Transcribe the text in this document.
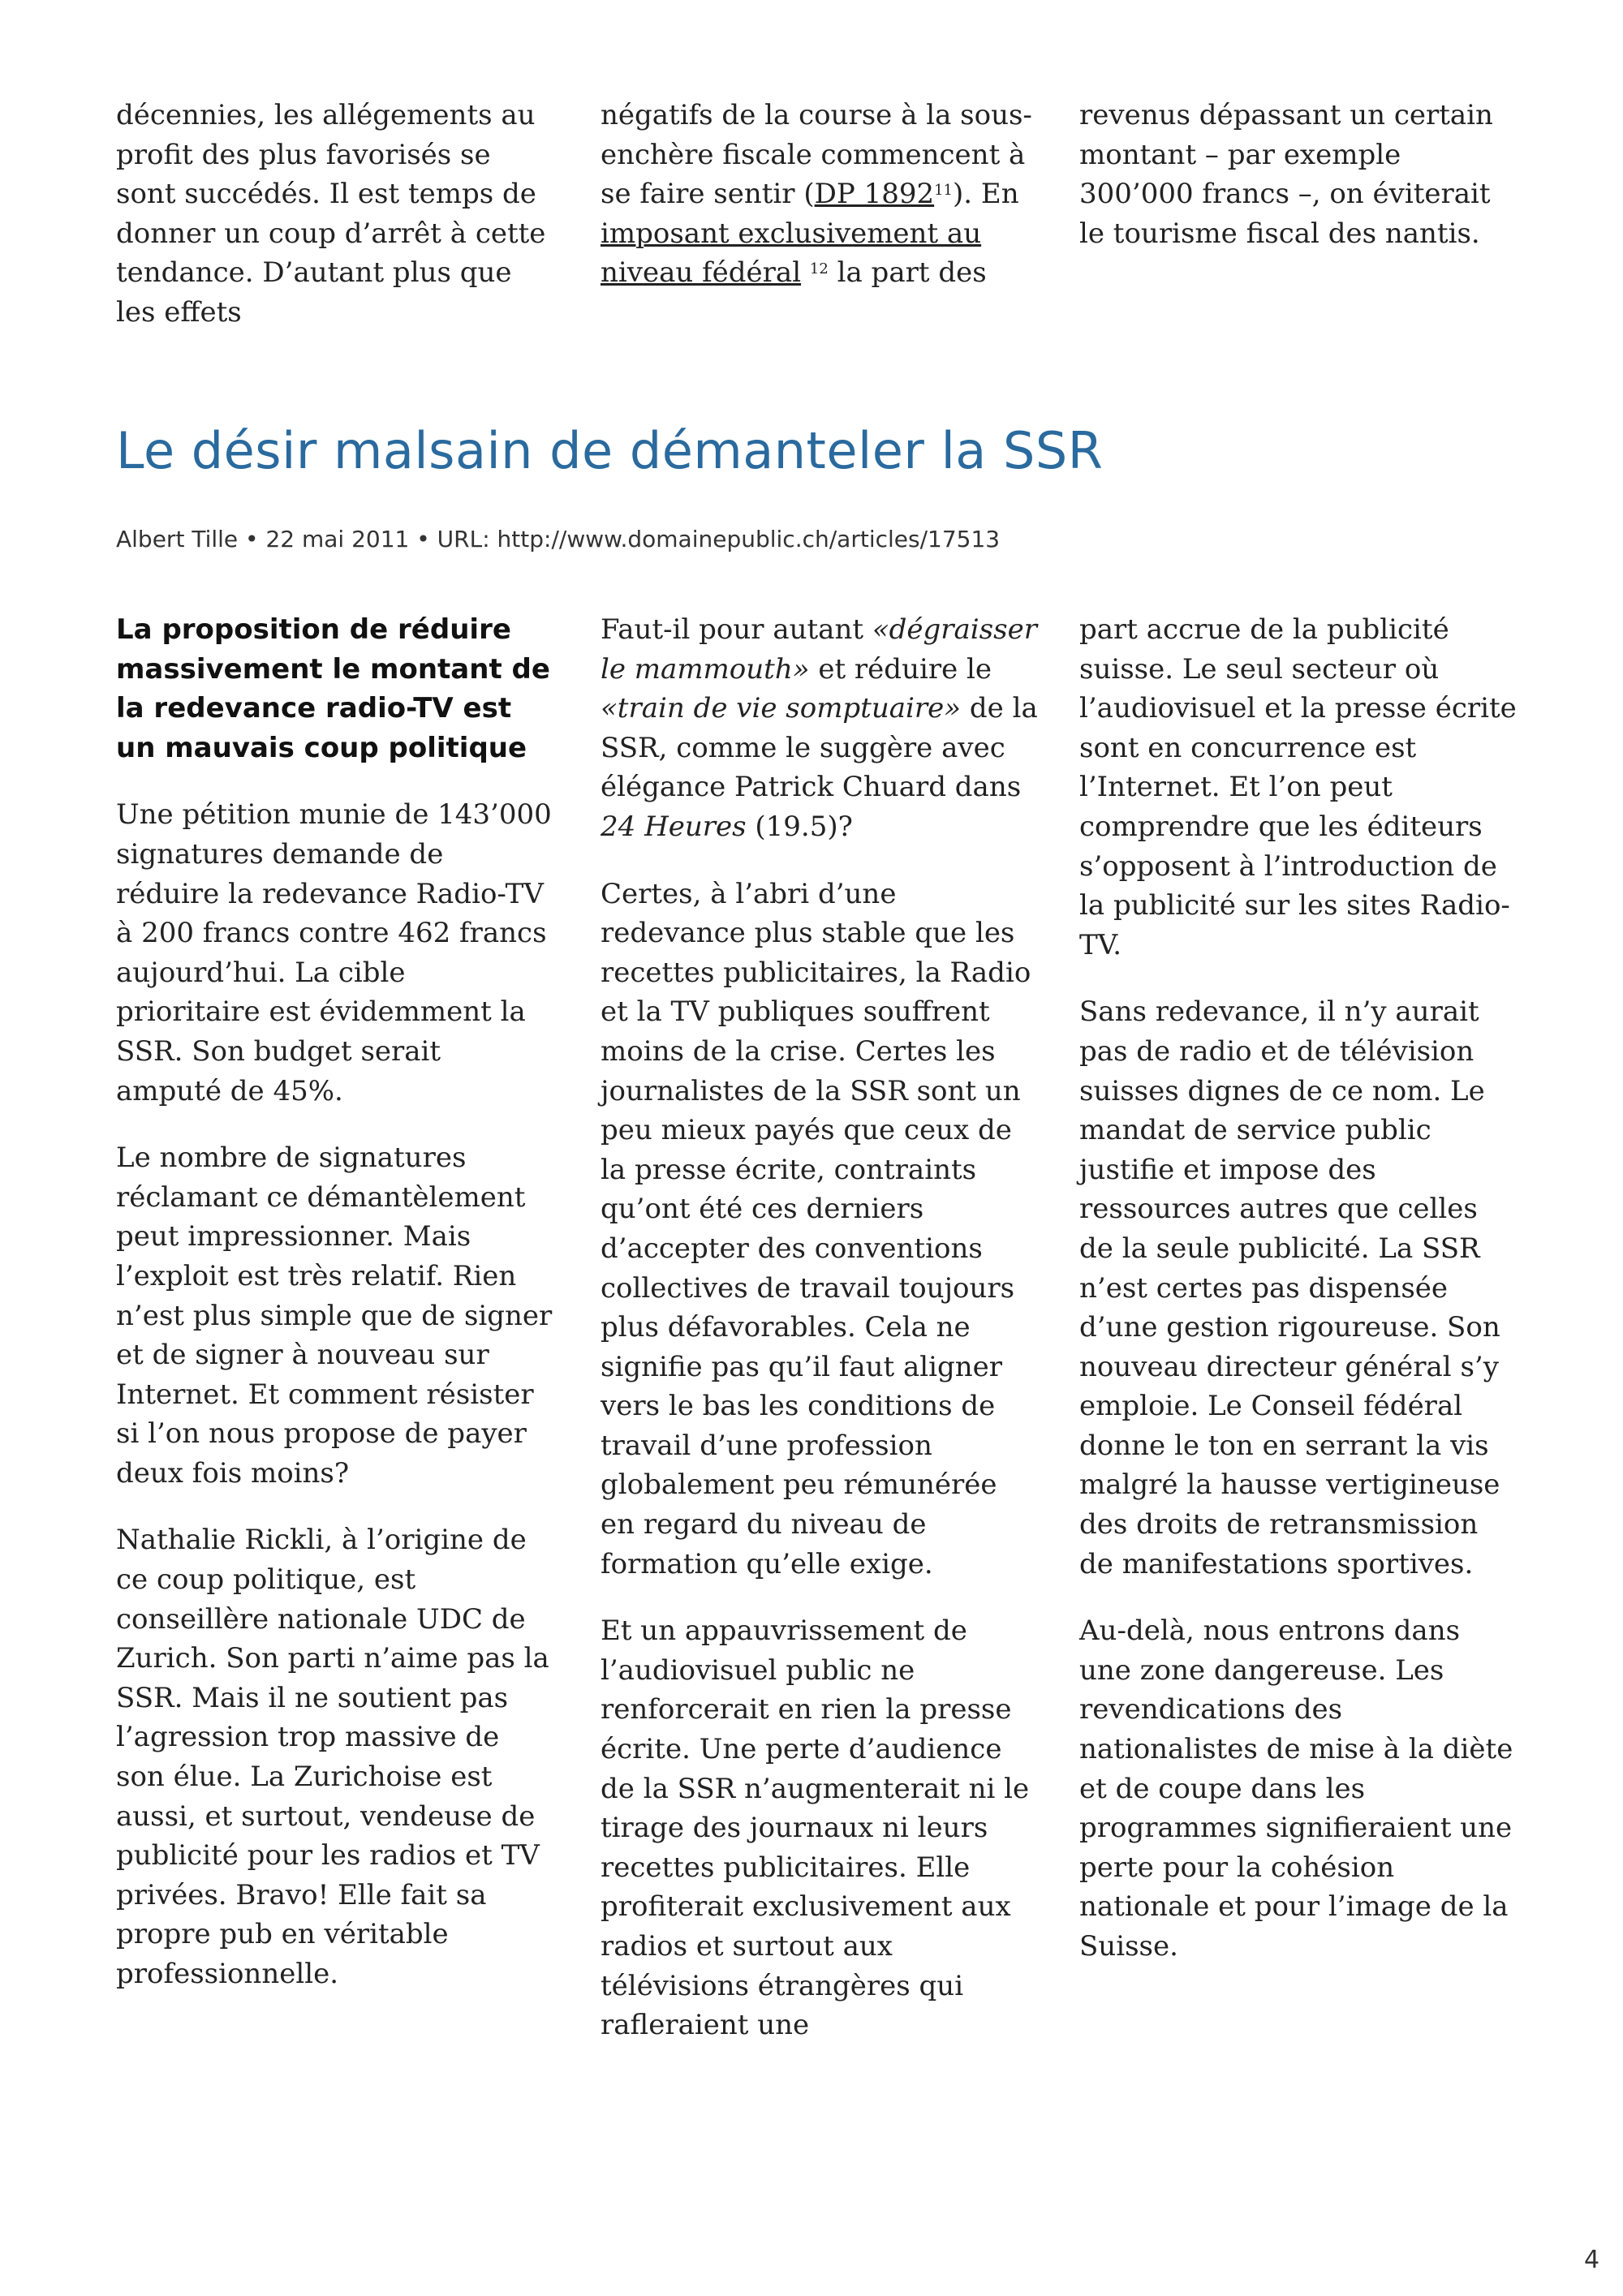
décennies, les allégements au profit des plus favorisés se sont succédés. Il est temps de donner un coup d’arrêt à cette tendance. D’autant plus que les effets

négatifs de la course à la sous-enchère fiscale commencent à se faire sentir (DP 1892$^{11}$). En imposant exclusivement au niveau fédéral $^{12}$ la part des

revenus dépassant un certain montant – par exemple 300’000 francs –, on éviterait le tourisme fiscal des nantis.

Le désir malsain de démanteler la SSR
Albert Tille • 22 mai 2011 • URL: http://www.domainepublic.ch/articles/17513

La proposition de réduire massivement le montant de la redevance radio-TV est un mauvais coup politique

Une pétition munie de 143’000 signatures demande de réduire la redevance Radio-TV à 200 francs contre 462 francs aujourd’hui. La cible prioritaire est évidemment la SSR. Son budget serait amputé de 45%.

Le nombre de signatures réclamant ce démantèlement peut impressionner. Mais l’exploit est très relatif. Rien n’est plus simple que de signer et de signer à nouveau sur Internet. Et comment résister si l’on nous propose de payer deux fois moins?

Nathalie Rickli, à l’origine de ce coup politique, est conseillère nationale UDC de Zurich. Son parti n’aime pas la SSR. Mais il ne soutient pas l’agression trop massive de son élue. La Zurichoise est aussi, et surtout, vendeuse de publicité pour les radios et TV privées. Bravo! Elle fait sa propre pub en véritable professionnelle.

Faut-il pour autant «dégraisser le mammouth» et réduire le «train de vie somptuaire» de la SSR, comme le suggère avec élégance Patrick Chuard dans 24 Heures (19.5)?

Certes, à l’abri d’une redevance plus stable que les recettes publicitaires, la Radio et la TV publiques souffrent moins de la crise. Certes les journalistes de la SSR sont un peu mieux payés que ceux de la presse écrite, contraints qu’ont été ces derniers d’accepter des conventions collectives de travail toujours plus défavorables. Cela ne signifie pas qu’il faut aligner vers le bas les conditions de travail d’une profession globalement peu rémunérée en regard du niveau de formation qu’elle exige.

Et un appauvrissement de l’audiovisuel public ne renforcerait en rien la presse écrite. Une perte d’audience de la SSR n’augmenterait ni le tirage des journaux ni leurs recettes publicitaires. Elle profiterait exclusivement aux radios et surtout aux télévisions étrangères qui rafleraient une

part accrue de la publicité suisse. Le seul secteur où l’audiovisuel et la presse écrite sont en concurrence est l’Internet. Et l’on peut comprendre que les éditeurs s’opposent à l’introduction de la publicité sur les sites Radio-TV.

Sans redevance, il n’y aurait pas de radio et de télévision suisses dignes de ce nom. Le mandat de service public justifie et impose des ressources autres que celles de la seule publicité. La SSR n’est certes pas dispensée d’une gestion rigoureuse. Son nouveau directeur général s’y emploie. Le Conseil fédéral donne le ton en serrant la vis malgré la hausse vertigineuse des droits de retransmission de manifestations sportives.

Au-delà, nous entrons dans une zone dangereuse. Les revendications des nationalistes de mise à la diète et de coupe dans les programmes signifieraient une perte pour la cohésion nationale et pour l’image de la Suisse.

4
